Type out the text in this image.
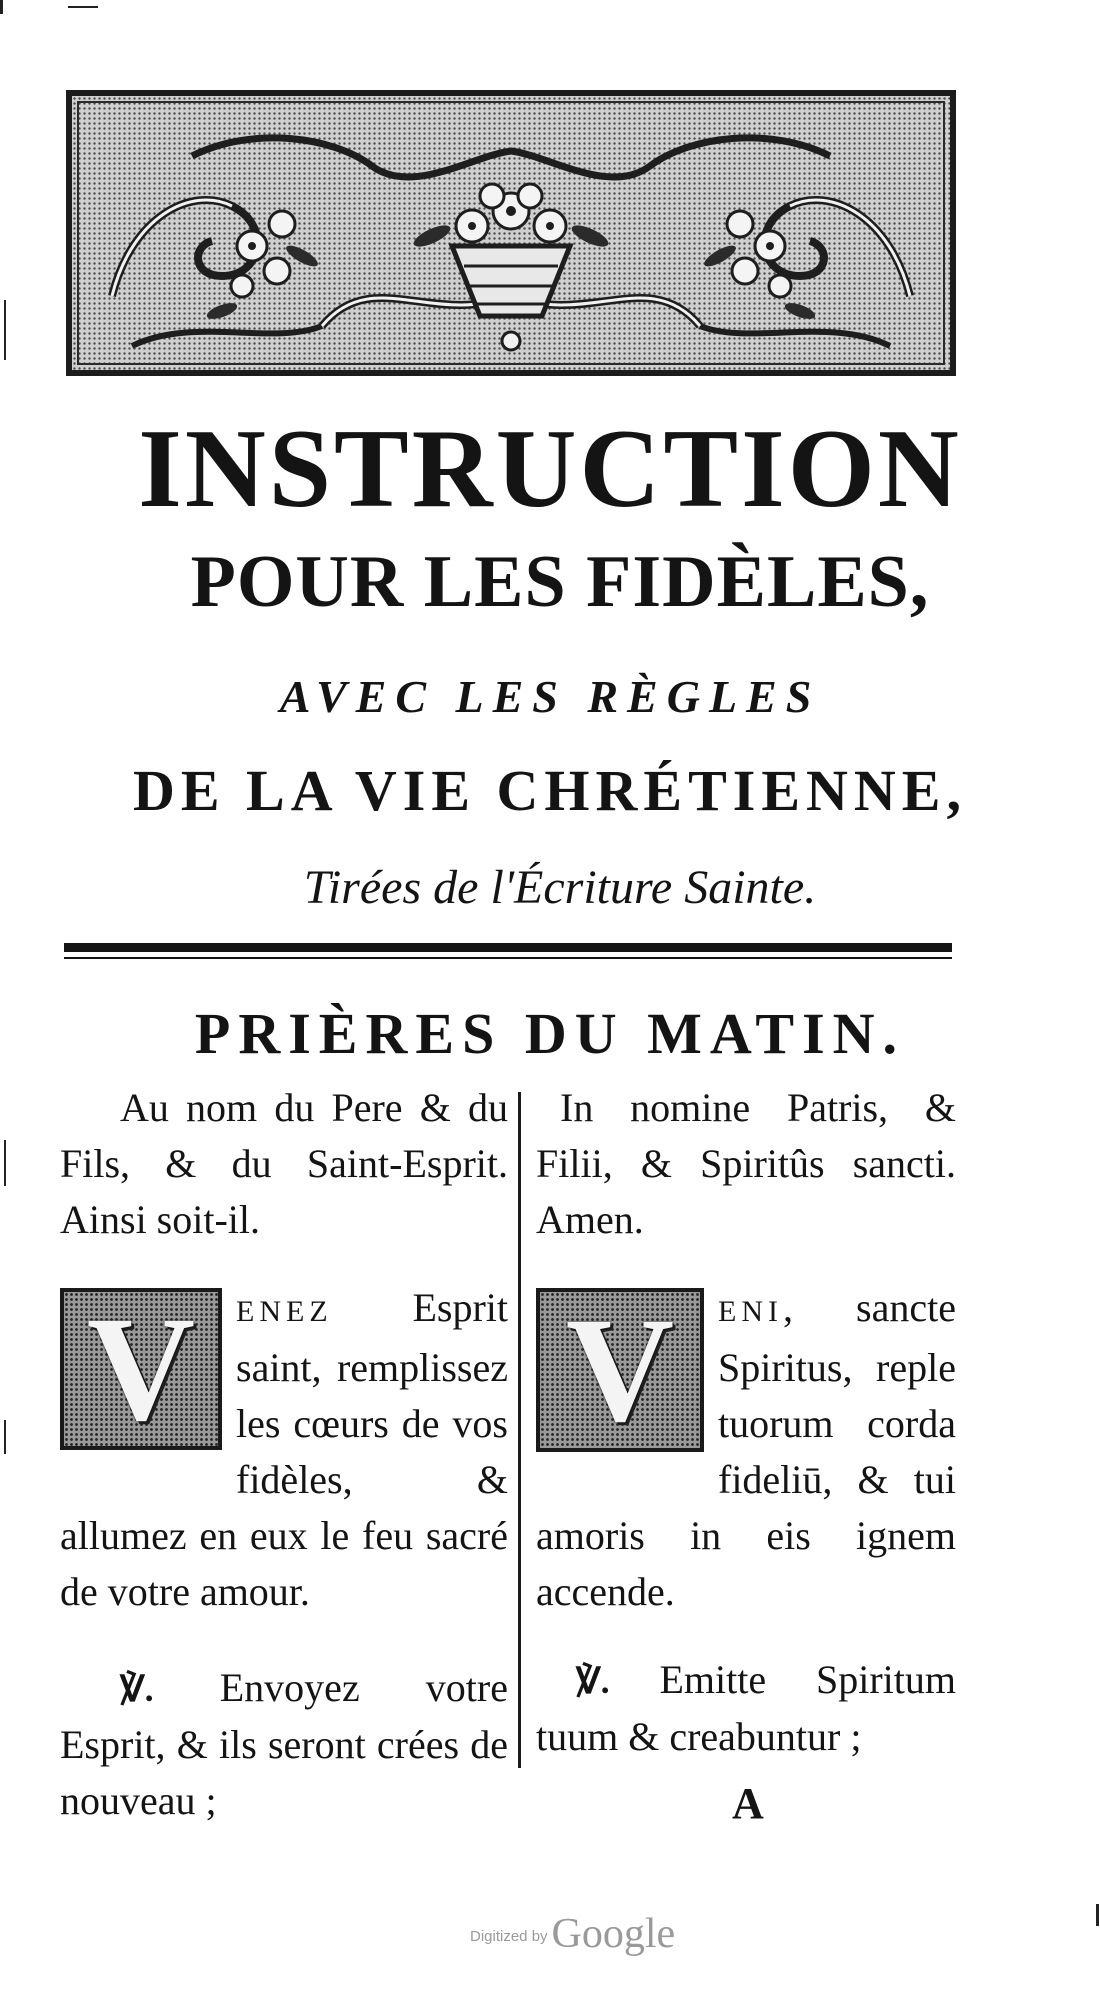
INSTRUCTION
POUR LES FIDÈLES,
AVEC LES RÈGLES
DE LA VIE CHRÉTIENNE,
Tirées de l'Écriture Sainte.
PRIÈRES DU MATIN.

Au nom du Pere & du Fils, & du Saint-Esprit. Ainsi soit-il.

V	ENEZ Esprit saint, remplissez les cœurs de vos fidèles, & allumez en eux le feu sacré de votre amour.

℣. Envoyez votre Esprit, & ils seront crées de nouveau ;

In nomine Patris, & Filii, & Spiritûs sancti. Amen.

V	ENI, sancte Spiritus, reple tuorum corda fideliū, & tui amoris in eis ignem accende.

℣. Emitte Spiritum tuum & creabuntur ;

A
Digitized byGoogle
